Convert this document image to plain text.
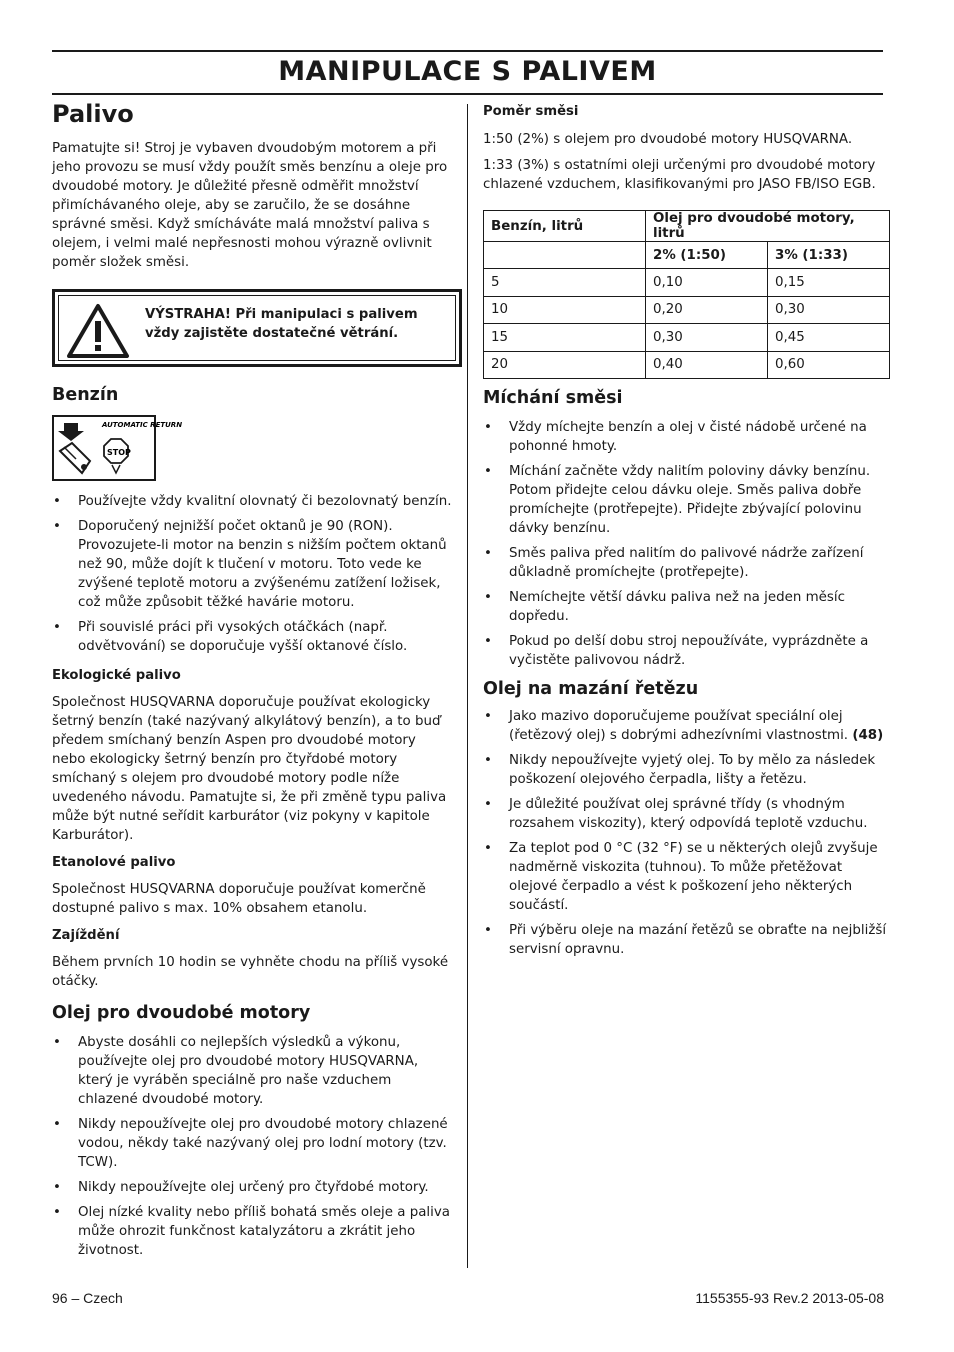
MANIPULACE S PALIVEM
Palivo

Pamatujte si! Stroj je vybaven dvoudobým motorem a při jeho provozu se musí vždy použít směs benzínu a oleje pro dvoudobé motory. Je důležité přesně odměřit množství přimíchávaného oleje, aby se zaručilo, že se dosáhne správné směsi. Když smícháváte malá množství paliva s olejem, i velmi malé nepřesnosti mohou výrazně ovlivnit poměr složek směsi.

VÝSTRAHA! Při manipulaci s palivem vždy zajistěte dostatečné větrání.
Benzín
AUTOMATIC RETURN
STOP
• Používejte vždy kvalitní olovnatý či bezolovnatý benzín.
• Doporučený nejnižší počet oktanů je 90 (RON). Provozujete-li motor na benzin s nižším počtem oktanů než 90, může dojít k tlučení v motoru. Toto vede ke zvýšené teplotě motoru a zvýšenému zatížení ložisek, což může způsobit těžké havárie motoru.
• Při souvislé práci při vysokých otáčkách (např. odvětvování) se doporučuje vyšší oktanové číslo.
Ekologické palivo

Společnost HUSQVARNA doporučuje používat ekologicky šetrný benzín (také nazývaný alkylátový benzín), a to buď předem smíchaný benzín Aspen pro dvoudobé motory nebo ekologicky šetrný benzín pro čtyřdobé motory smíchaný s olejem pro dvoudobé motory podle níže uvedeného návodu. Pamatujte si, že při změně typu paliva může být nutné seřídit karburátor (viz pokyny v kapitole Karburátor).

Etanolové palivo

Společnost HUSQVARNA doporučuje používat komerčně dostupné palivo s max. 10% obsahem etanolu.

Zajíždění

Během prvních 10 hodin se vyhněte chodu na příliš vysoké otáčky.

Olej pro dvoudobé motory
• Abyste dosáhli co nejlepších výsledků a výkonu, používejte olej pro dvoudobé motory HUSQVARNA, který je vyráběn speciálně pro naše vzduchem chlazené dvoudobé motory.
• Nikdy nepoužívejte olej pro dvoudobé motory chlazené vodou, někdy také nazývaný olej pro lodní motory (tzv. TCW).
• Nikdy nepoužívejte olej určený pro čtyřdobé motory.
• Olej nízké kvality nebo příliš bohatá směs oleje a paliva může ohrozit funkčnost katalyzátoru a zkrátit jeho životnost.
Poměr směsi

1:50 (2%) s olejem pro dvoudobé motory HUSQVARNA.

1:33 (3%) s ostatními oleji určenými pro dvoudobé motory chlazené vzduchem, klasifikovanými pro JASO FB/ISO EGB.

Benzín, litrů	Olej pro dvoudobé motory, litrů	
	2% (1:50)	3% (1:33)
5	0,10	0,15
10	0,20	0,30
15	0,30	0,45
20	0,40	0,60
Míchání směsi
• Vždy míchejte benzín a olej v čisté nádobě určené na pohonné hmoty.
• Míchání začněte vždy nalitím poloviny dávky benzínu. Potom přidejte celou dávku oleje. Směs paliva dobře promíchejte (protřepejte). Přidejte zbývající polovinu dávky benzínu.
• Směs paliva před nalitím do palivové nádrže zařízení důkladně promíchejte (protřepejte).
• Nemíchejte větší dávku paliva než na jeden měsíc dopředu.
• Pokud po delší dobu stroj nepoužíváte, vyprázdněte a vyčistěte palivovou nádrž.
Olej na mazání řetězu
• Jako mazivo doporučujeme používat speciální olej (řetězový olej) s dobrými adhezívními vlastnostmi. (48)
• Nikdy nepoužívejte vyjetý olej. To by mělo za následek poškození olejového čerpadla, lišty a řetězu.
• Je důležité používat olej správné třídy (s vhodným rozsahem viskozity), který odpovídá teplotě vzduchu.
• Za teplot pod 0 °C (32 °F) se u některých olejů zvyšuje nadměrně viskozita (tuhnou). To může přetěžovat olejové čerpadlo a vést k poškození jeho některých součástí.
• Při výběru oleje na mazání řetězů se obraťte na nejbližší servisní opravnu.
96 – Czech	1155355-93 Rev.2 2013-05-08
